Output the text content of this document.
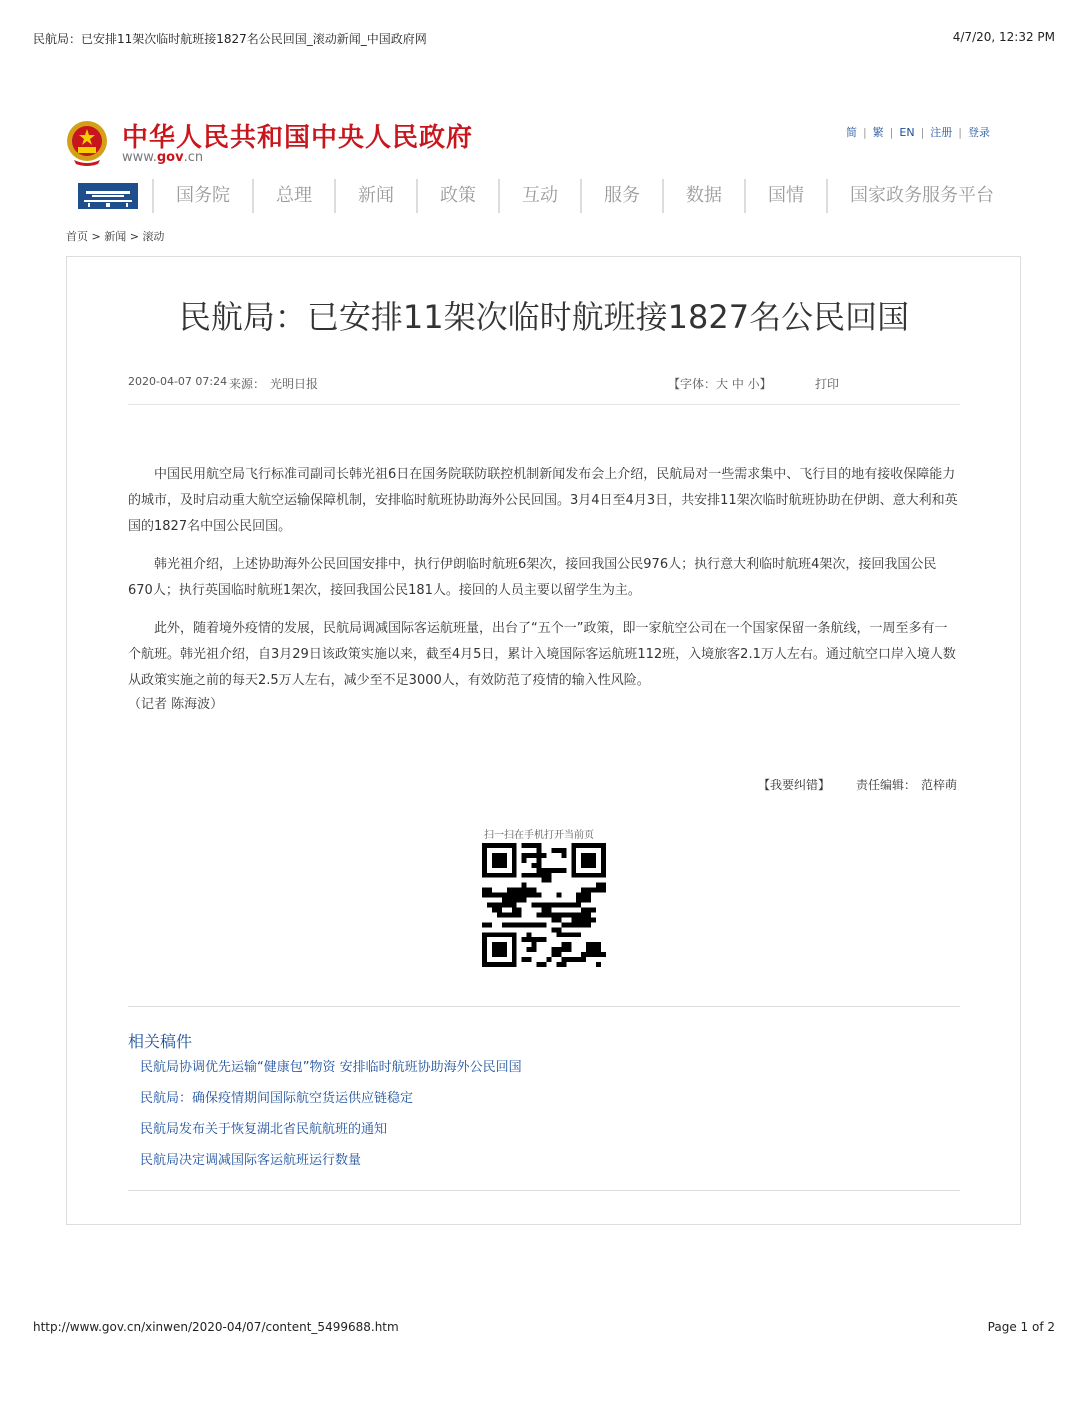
民航局：已安排11架次临时航班接1827名公民回国_滚动新闻_中国政府网	4/7/20, 12:32 PM
中华人民共和国中央人民政府
www.gov.cn
简 | 繁 | EN | 注册 | 登录
国务院	总理	新闻	政策	互动	服务	数据	国情	国家政务服务平台
首页 > 新闻 > 滚动
民航局：已安排11架次临时航班接1827名公民回国
2020-04-07 07:24 来源： 光明日报	【字体：大 中 小】	打印

中国民用航空局飞行标准司副司长韩光祖6日在国务院联防联控机制新闻发布会上介绍，民航局对一些需求集中、飞行目的地有接收保障能力的城市，及时启动重大航空运输保障机制，安排临时航班协助海外公民回国。3月4日至4月3日，共安排11架次临时航班协助在伊朗、意大利和英国的1827名中国公民回国。

韩光祖介绍，上述协助海外公民回国安排中，执行伊朗临时航班6架次，接回我国公民976人；执行意大利临时航班4架次，接回我国公民670人；执行英国临时航班1架次，接回我国公民181人。接回的人员主要以留学生为主。

此外，随着境外疫情的发展，民航局调减国际客运航班量，出台了“五个一”政策，即一家航空公司在一个国家保留一条航线，一周至多有一个航班。韩光祖介绍，自3月29日该政策实施以来，截至4月5日，累计入境国际客运航班112班，入境旅客2.1万人左右。通过航空口岸入境人数从政策实施之前的每天2.5万人左右，减少至不足3000人，有效防范了疫情的输入性风险。

（记者 陈海波）

【我要纠错】 责任编辑： 范梓萌
扫一扫在手机打开当前页
相关稿件
民航局协调优先运输“健康包”物资 安排临时航班协助海外公民回国
民航局：确保疫情期间国际航空货运供应链稳定
民航局发布关于恢复湖北省民航航班的通知
民航局决定调减国际客运航班运行数量
http://www.gov.cn/xinwen/2020-04/07/content_5499688.htm	Page 1 of 2
